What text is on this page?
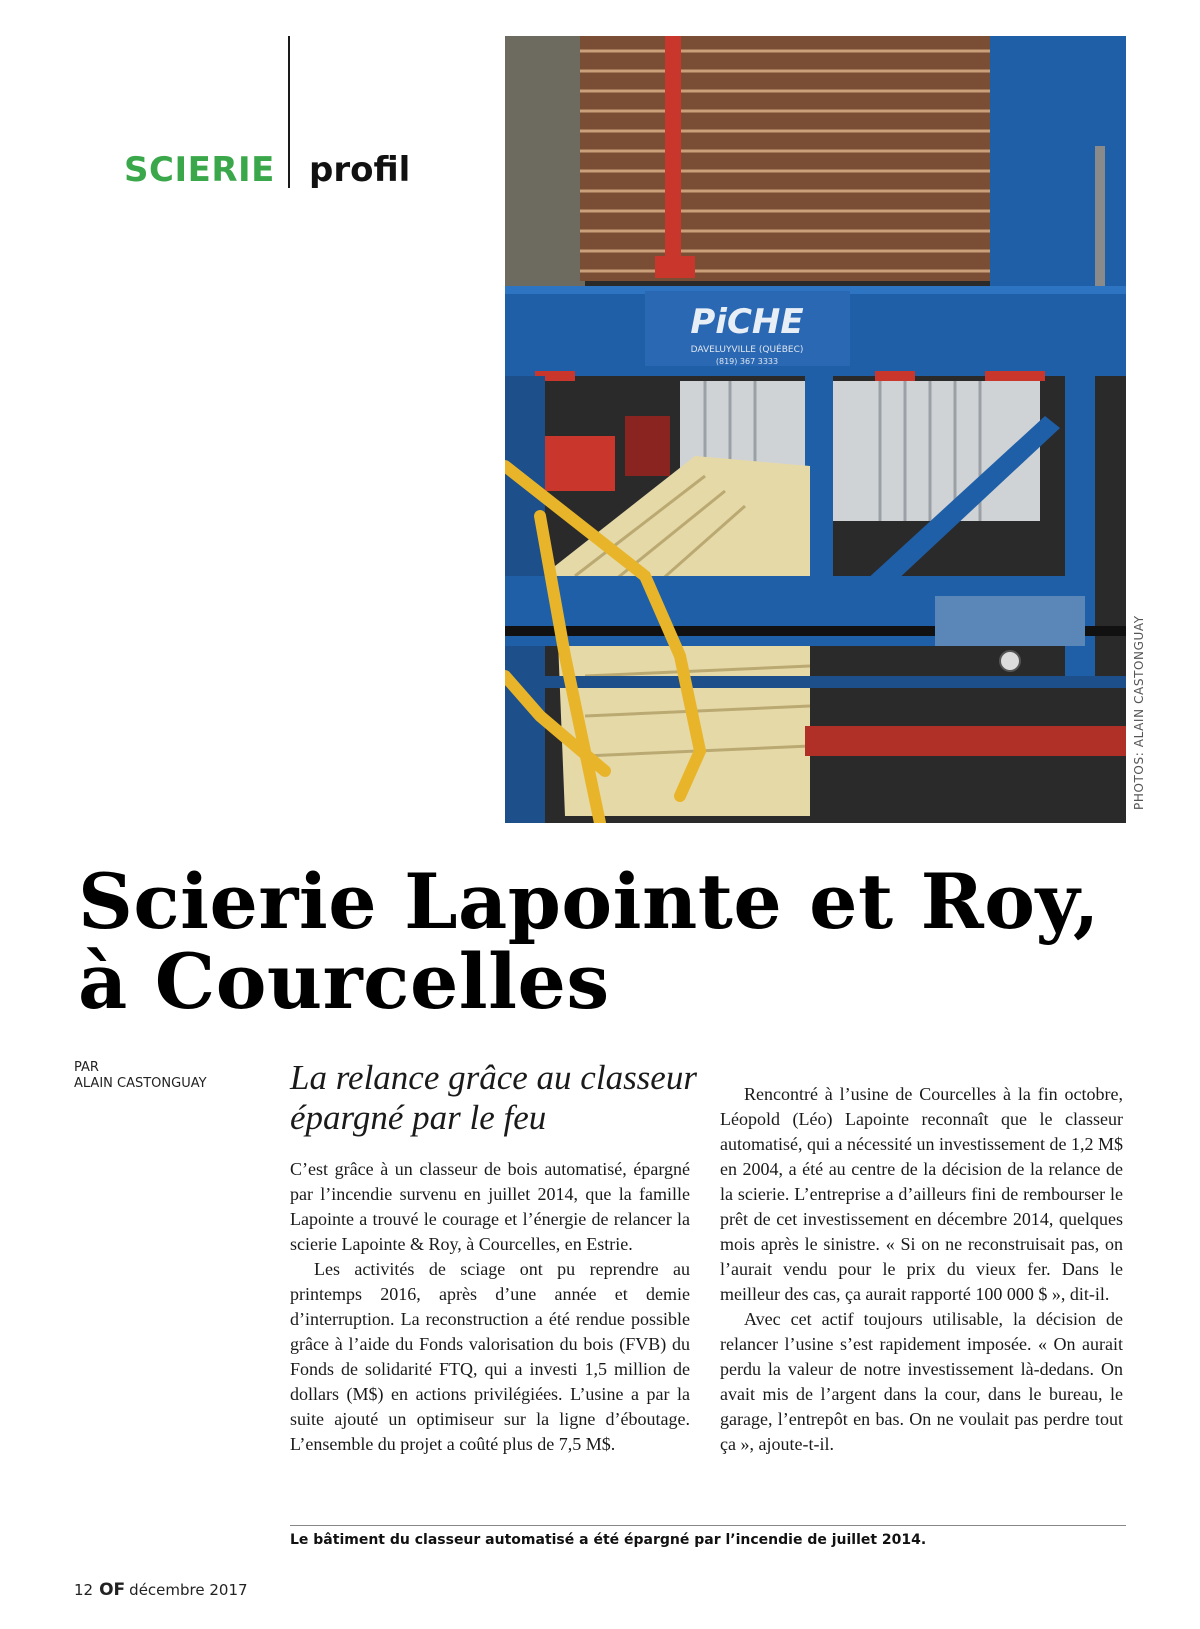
SCIERIE profil
PiCHE
DAVELUYVILLE (QUÉBEC)
(819) 367 3333
PHOTOS: ALAIN CASTONGUAY
Scierie Lapointe et Roy,
à Courcelles
PAR
ALAIN CASTONGUAY La relance grâce au classeur épargné par le feu

C’est grâce à un classeur de bois automatisé, épargné par l’incendie survenu en juillet 2014, que la famille Lapointe a trouvé le courage et l’énergie de relancer la scierie Lapointe & Roy, à Courcelles, en Estrie.

Les activités de sciage ont pu reprendre au printemps 2016, après d’une année et demie d’interruption. La reconstruction a été rendue possible grâce à l’aide du Fonds valorisation du bois (FVB) du Fonds de solidarité FTQ, qui a investi 1,5 million de dollars (M$) en actions privilégiées. L’usine a par la suite ajouté un optimiseur sur la ligne d’éboutage. L’ensemble du projet a coûté plus de 7,5 M$.

Rencontré à l’usine de Courcelles à la fin octobre, Léopold (Léo) Lapointe reconnaît que le classeur automatisé, qui a nécessité un investissement de 1,2 M$ en 2004, a été au centre de la décision de la relance de la scierie. L’entreprise a d’ailleurs fini de rembourser le prêt de cet investissement en décembre 2014, quelques mois après le sinistre. « Si on ne reconstruisait pas, on l’aurait vendu pour le prix du vieux fer. Dans le meilleur des cas, ça aurait rapporté 100 000 $ », dit-il.

Avec cet actif toujours utilisable, la décision de relancer l’usine s’est rapidement imposée. « On aurait perdu la valeur de notre investissement là-dedans. On avait mis de l’argent dans la cour, dans le bureau, le garage, l’entrepôt en bas. On ne voulait pas perdre tout ça », ajoute-t-il.

Le bâtiment du classeur automatisé a été épargné par l’incendie de juillet 2014.
12 OF décembre 2017
